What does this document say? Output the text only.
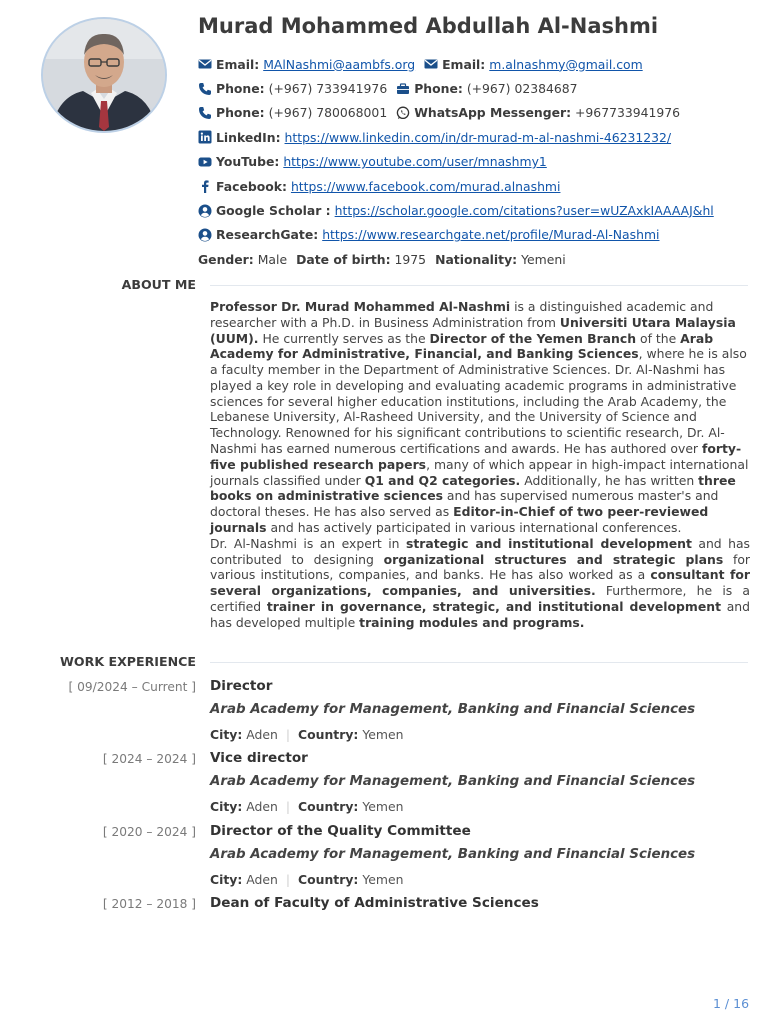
Murad Mohammed Abdullah Al-Nashmi
Email: MAlNashmi@aambfs.org Email: m.alnashmy@gmail.com
Phone: (+967) 733941976 Phone: (+967) 02384687
Phone: (+967) 780068001 WhatsApp Messenger: +967733941976
LinkedIn: https://www.linkedin.com/in/dr-murad-m-al-nashmi-46231232/
YouTube: https://www.youtube.com/user/mnashmy1
Facebook: https://www.facebook.com/murad.alnashmi
Google Scholar : https://scholar.google.com/citations?user=wUZAxkIAAAAJ&hl
ResearchGate: https://www.researchgate.net/profile/Murad-Al-Nashmi
Gender: Male Date of birth: 1975 Nationality: Yemeni
ABOUT ME

Professor Dr. Murad Mohammed Al-Nashmi is a distinguished academic and researcher with a Ph.D. in Business Administration from Universiti Utara Malaysia (UUM). He currently serves as the Director of the Yemen Branch of the Arab Academy for Administrative, Financial, and Banking Sciences, where he is also a faculty member in the Department of Administrative Sciences. Dr. Al-Nashmi has played a key role in developing and evaluating academic programs in administrative sciences for several higher education institutions, including the Arab Academy, the Lebanese University, Al-Rasheed University, and the University of Science and Technology. Renowned for his significant contributions to scientific research, Dr. Al-Nashmi has earned numerous certifications and awards. He has authored over forty-five published research papers, many of which appear in high-impact international journals classified under Q1 and Q2 categories. Additionally, he has written three books on administrative sciences and has supervised numerous master's and doctoral theses. He has also served as Editor-in-Chief of two peer-reviewed journals and has actively participated in various international conferences.

Dr. Al-Nashmi is an expert in strategic and institutional development and has contributed to designing organizational structures and strategic plans for various institutions, companies, and banks. He has also worked as a consultant for several organizations, companies, and universities. Furthermore, he is a certified trainer in governance, strategic, and institutional development and has developed multiple training modules and programs.

WORK EXPERIENCE
[ 09/2024 – Current ] Director
Arab Academy for Management, Banking and Financial Sciences
City: Aden | Country: Yemen
[ 2024 – 2024 ] Vice director
Arab Academy for Management, Banking and Financial Sciences
City: Aden | Country: Yemen
[ 2020 – 2024 ] Director of the Quality Committee
Arab Academy for Management, Banking and Financial Sciences
City: Aden | Country: Yemen
[ 2012 – 2018 ] Dean of Faculty of Administrative Sciences
1 / 16
